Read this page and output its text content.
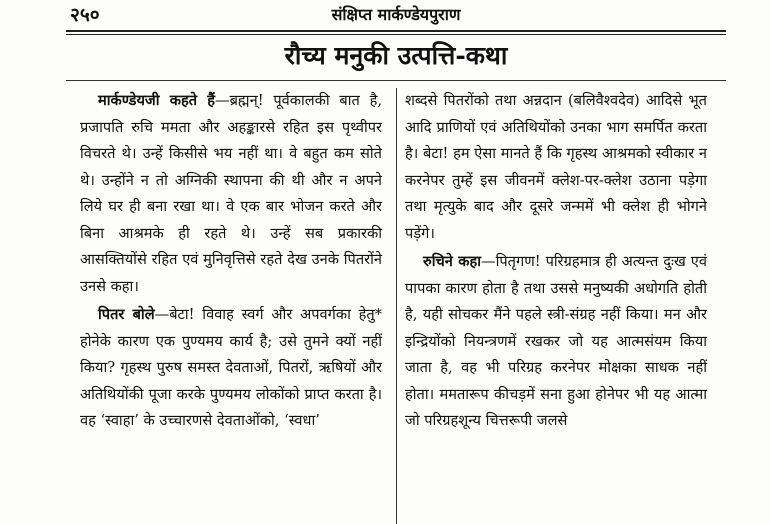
२५०	संक्षिप्त मार्कण्डेयपुराण
रौच्य मनुकी उत्पत्ति-कथा

मार्कण्डेयजी कहते हैं—ब्रह्मन्! पूर्वकालकी बात है, प्रजापति रुचि ममता और अहङ्कारसे रहित इस पृथ्वीपर विचरते थे। उन्हें किसीसे भय नहीं था। वे बहुत कम सोते थे। उन्होंने न तो अग्निकी स्थापना की थी और न अपने लिये घर ही बना रखा था। वे एक बार भोजन करते और बिना आश्रमके ही रहते थे। उन्हें सब प्रकारकी आसक्तियोंसे रहित एवं मुनिवृत्तिसे रहते देख उनके पितरोंने उनसे कहा।

पितर बोले—बेटा! विवाह स्वर्ग और अपवर्गका हेतु* होनेके कारण एक पुण्यमय कार्य है; उसे तुमने क्यों नहीं किया? गृहस्थ पुरुष समस्त देवताओं, पितरों, ऋषियों और अतिथियोंकी पूजा करके पुण्यमय लोकोंको प्राप्त करता है। वह ‘स्वाहा’ के उच्चारणसे देवताओंको, ‘स्वधा’

शब्दसे पितरोंको तथा अन्नदान (बलिवैश्वदेव) आदिसे भूत आदि प्राणियों एवं अतिथियोंको उनका भाग समर्पित करता है। बेटा! हम ऐसा मानते हैं कि गृहस्थ आश्रमको स्वीकार न करनेपर तुम्हें इस जीवनमें क्लेश-पर-क्लेश उठाना पड़ेगा तथा मृत्युके बाद और दूसरे जन्ममें भी क्लेश ही भोगने पड़ेंगे।

रुचिने कहा—पितृगण! परिग्रहमात्र ही अत्यन्त दुःख एवं पापका कारण होता है तथा उससे मनुष्यकी अधोगति होती है, यही सोचकर मैंने पहले स्त्री-संग्रह नहीं किया। मन और इन्द्रियोंको नियन्त्रणमें रखकर जो यह आत्मसंयम किया जाता है, वह भी परिग्रह करनेपर मोक्षका साधक नहीं होता। ममतारूप कीचड़में सना हुआ होनेपर भी यह आत्मा जो परिग्रहशून्य चित्तरूपी जलसे
